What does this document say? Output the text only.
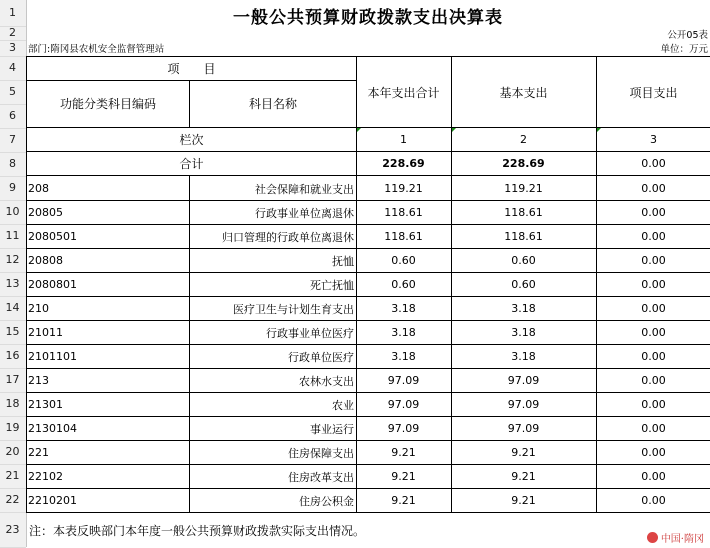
1
2
3
4
5
6
7
8
9
10
11
12
13
14
15
16
17
18
19
20
21
22
23
一般公共预算财政拨款支出决算表
公开05表
部门:隋冈县农机安全监督管理站	单位：万元
项　　目
功能分类科目编码	科目名称
本年支出合计	基本支出	项目支出
栏次	1	2	3
合计	228.69	228.69	0.00
208	社会保障和就业支出	119.21	119.21	0.00
20805	行政事业单位离退休	118.61	118.61	0.00
2080501	归口管理的行政单位离退休	118.61	118.61	0.00
20808	抚恤	0.60	0.60	0.00
2080801	死亡抚恤	0.60	0.60	0.00
210	医疗卫生与计划生育支出	3.18	3.18	0.00
21011	行政事业单位医疗	3.18	3.18	0.00
2101101	行政单位医疗	3.18	3.18	0.00
213	农林水支出	97.09	97.09	0.00
21301	农业	97.09	97.09	0.00
2130104	事业运行	97.09	97.09	0.00
221	住房保障支出	9.21	9.21	0.00
22102	住房改革支出	9.21	9.21	0.00
2210201	住房公积金	9.21	9.21	0.00
注：本表反映部门本年度一般公共预算财政拨款实际支出情况。
中国·隋冈
